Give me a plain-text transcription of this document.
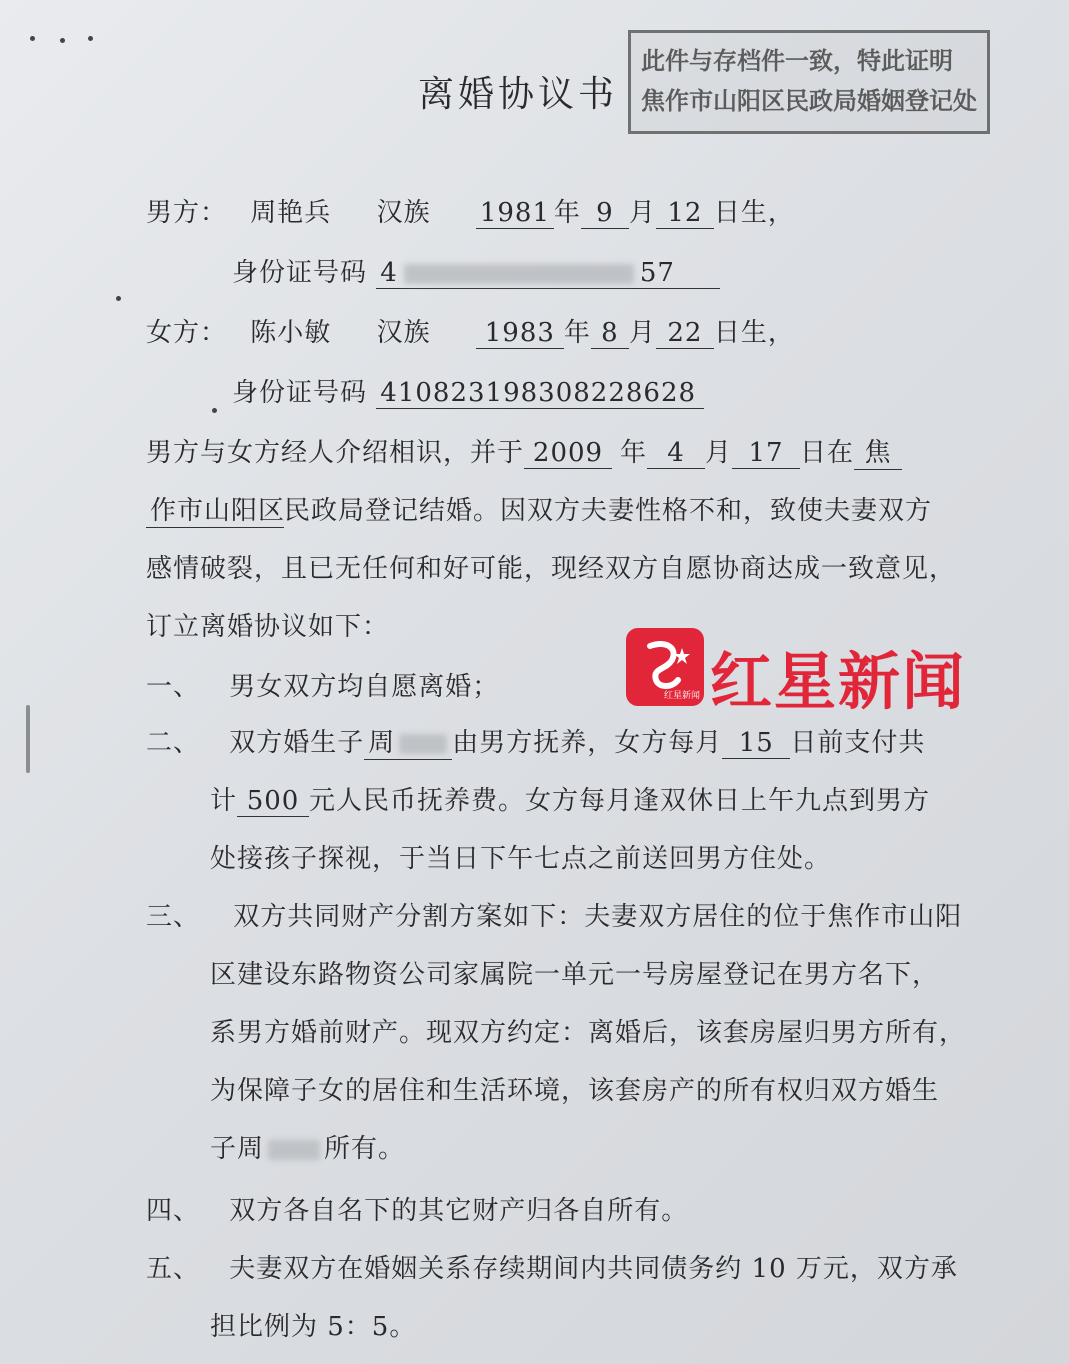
离婚协议书
此件与存档件一致，特此证明
焦作市山阳区民政局婚姻登记处
男方： 周艳兵 汉族 1981 年 9 月 12 日生，
身份证号码 4	57
女方： 陈小敏 汉族 1983 年 8 月 22 日生，
身份证号码 410823198308228628
男方与女方经人介绍相识，并于 2009 年 4 月 17 日在 焦
作市山阳区民政局登记结婚。因双方夫妻性格不和，致使夫妻双方
感情破裂，且已无任何和好可能，现经双方自愿协商达成一致意见，
订立离婚协议如下：
红星新闻 红星新闻
一、 男女双方均自愿离婚；
二、 双方婚生子 周 由男方抚养，女方每月 15 日前支付共
计 500 元人民币抚养费。女方每月逢双休日上午九点到男方
处接孩子探视，于当日下午七点之前送回男方住处。
三、 双方共同财产分割方案如下：夫妻双方居住的位于焦作市山阳
区建设东路物资公司家属院一单元一号房屋登记在男方名下，
系男方婚前财产。现双方约定：离婚后，该套房屋归男方所有，
为保障子女的居住和生活环境，该套房产的所有权归双方婚生
子周 所有。
四、 双方各自名下的其它财产归各自所有。
五、 夫妻双方在婚姻关系存续期间内共同债务约 10 万元，双方承
担比例为 5：5。
